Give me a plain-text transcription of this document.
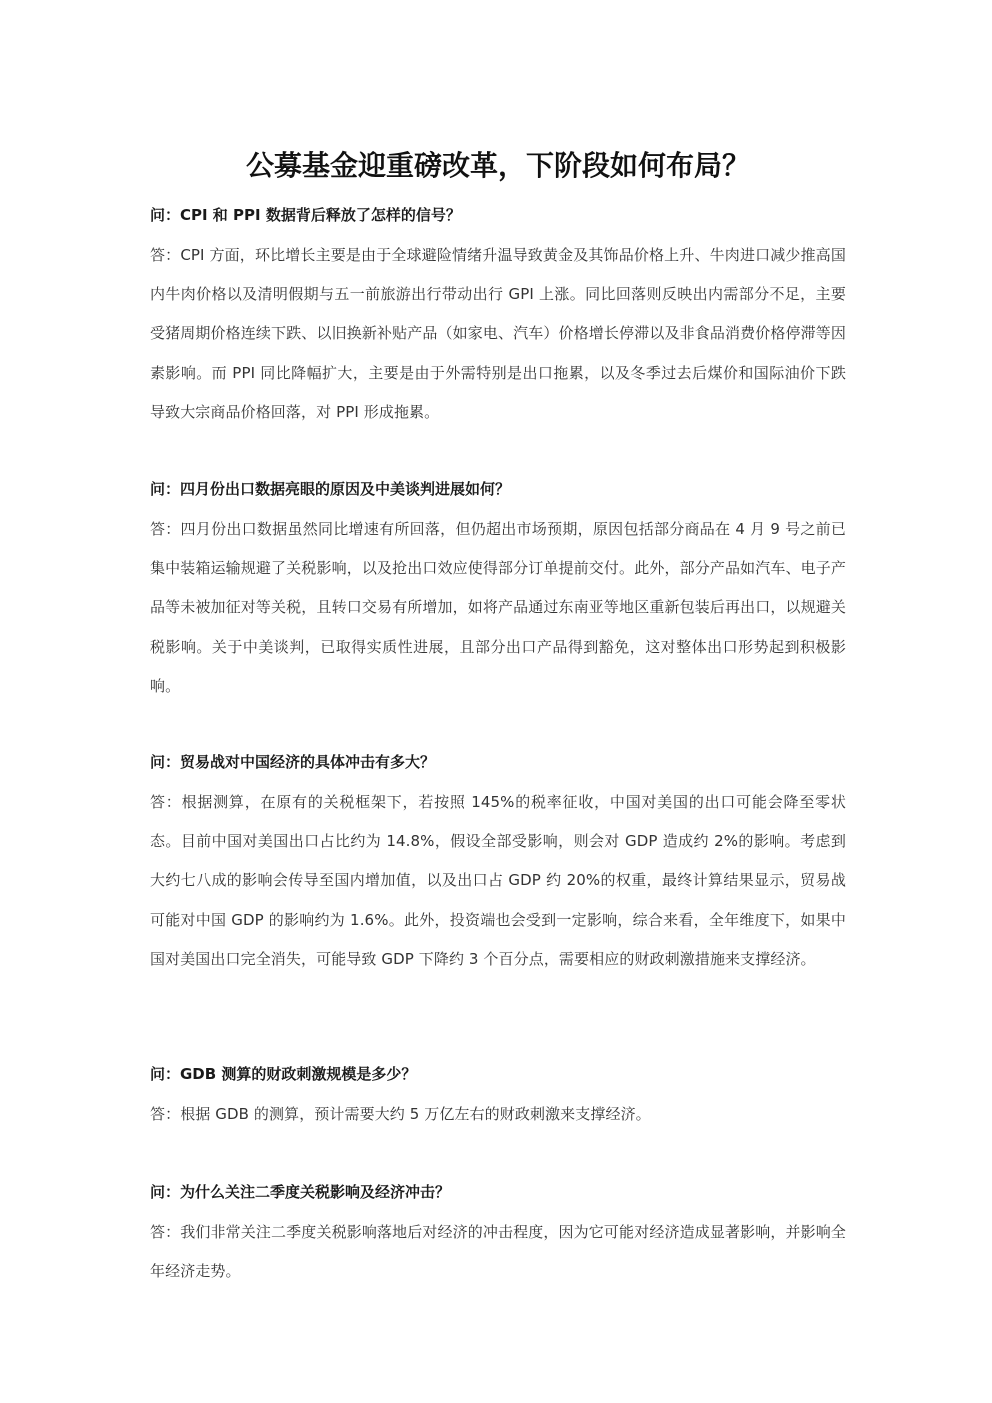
公募基金迎重磅改革，下阶段如何布局？

问：CPI 和 PPI 数据背后释放了怎样的信号？

答：CPI 方面，环比增长主要是由于全球避险情绪升温导致黄金及其饰品价格上升、牛肉进口减少推高国内牛肉价格以及清明假期与五一前旅游出行带动出行 GPI 上涨。同比回落则反映出内需部分不足，主要受猪周期价格连续下跌、以旧换新补贴产品（如家电、汽车）价格增长停滞以及非食品消费价格停滞等因素影响。而 PPI 同比降幅扩大，主要是由于外需特别是出口拖累，以及冬季过去后煤价和国际油价下跌导致大宗商品价格回落，对 PPI 形成拖累。

问：四月份出口数据亮眼的原因及中美谈判进展如何？

答：四月份出口数据虽然同比增速有所回落，但仍超出市场预期，原因包括部分商品在 4 月 9 号之前已集中装箱运输规避了关税影响，以及抢出口效应使得部分订单提前交付。此外，部分产品如汽车、电子产品等未被加征对等关税，且转口交易有所增加，如将产品通过东南亚等地区重新包装后再出口，以规避关税影响。关于中美谈判，已取得实质性进展，且部分出口产品得到豁免，这对整体出口形势起到积极影响。

问：贸易战对中国经济的具体冲击有多大？

答：根据测算，在原有的关税框架下，若按照 145%的税率征收，中国对美国的出口可能会降至零状态。目前中国对美国出口占比约为 14.8%，假设全部受影响，则会对 GDP 造成约 2%的影响。考虑到大约七八成的影响会传导至国内增加值，以及出口占 GDP 约 20%的权重，最终计算结果显示，贸易战可能对中国 GDP 的影响约为 1.6%。此外，投资端也会受到一定影响，综合来看，全年维度下，如果中国对美国出口完全消失，可能导致 GDP 下降约 3 个百分点，需要相应的财政刺激措施来支撑经济。

问：GDB 测算的财政刺激规模是多少？

答：根据 GDB 的测算，预计需要大约 5 万亿左右的财政刺激来支撑经济。

问：为什么关注二季度关税影响及经济冲击？

答：我们非常关注二季度关税影响落地后对经济的冲击程度，因为它可能对经济造成显著影响，并影响全年经济走势。
